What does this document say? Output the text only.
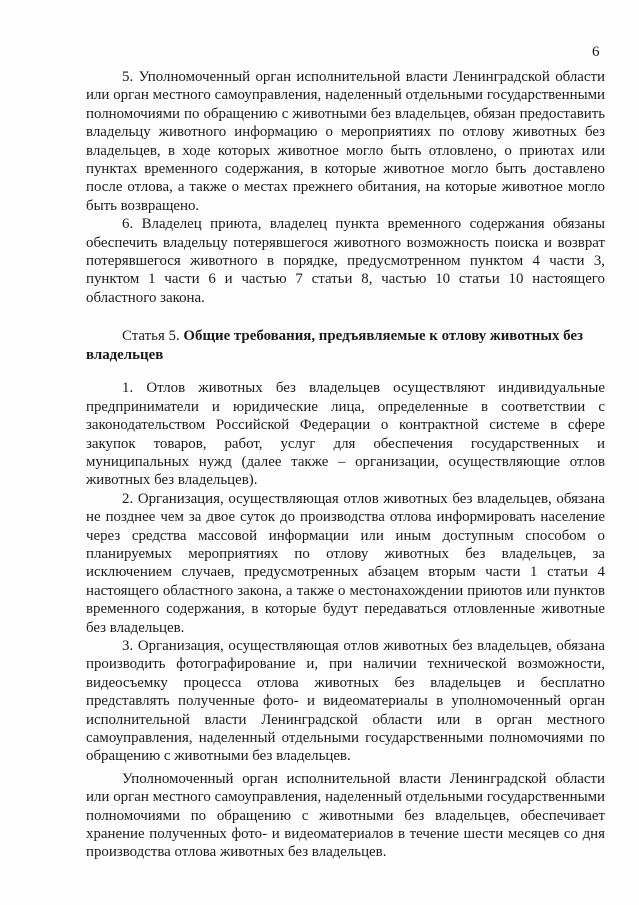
6

5. Уполномоченный орган исполнительной власти Ленинградской области или орган местного самоуправления, наделенный отдельными государственными полномочиями по обращению с животными без владельцев, обязан предоставить владельцу животного информацию о мероприятиях по отлову животных без владельцев, в ходе которых животное могло быть отловлено, о приютах или пунктах временного содержания, в которые животное могло быть доставлено после отлова, а также о местах прежнего обитания, на которые животное могло быть возвращено.

6. Владелец приюта, владелец пункта временного содержания обязаны обеспечить владельцу потерявшегося животного возможность поиска и возврат потерявшегося животного в порядке, предусмотренном пунктом 4 части 3, пунктом 1 части 6 и частью 7 статьи 8, частью 10 статьи 10 настоящего областного закона.

Статья 5. Общие требования, предъявляемые к отлову животных без владельцев

1. Отлов животных без владельцев осуществляют индивидуальные предприниматели и юридические лица, определенные в соответствии с законодательством Российской Федерации о контрактной системе в сфере закупок товаров, работ, услуг для обеспечения государственных и муниципальных нужд (далее также – организации, осуществляющие отлов животных без владельцев).

2. Организация, осуществляющая отлов животных без владельцев, обязана не позднее чем за двое суток до производства отлова информировать население через средства массовой информации или иным доступным способом о планируемых мероприятиях по отлову животных без владельцев, за исключением случаев, предусмотренных абзацем вторым части 1 статьи 4 настоящего областного закона, а также о местонахождении приютов или пунктов временного содержания, в которые будут передаваться отловленные животные без владельцев.

3. Организация, осуществляющая отлов животных без владельцев, обязана производить фотографирование и, при наличии технической возможности, видеосъемку процесса отлова животных без владельцев и бесплатно представлять полученные фото- и видеоматериалы в уполномоченный орган исполнительной власти Ленинградской области или в орган местного самоуправления, наделенный отдельными государственными полномочиями по обращению с животными без владельцев.

Уполномоченный орган исполнительной власти Ленинградской области или орган местного самоуправления, наделенный отдельными государственными полномочиями по обращению с животными без владельцев, обеспечивает хранение полученных фото- и видеоматериалов в течение шести месяцев со дня производства отлова животных без владельцев.
